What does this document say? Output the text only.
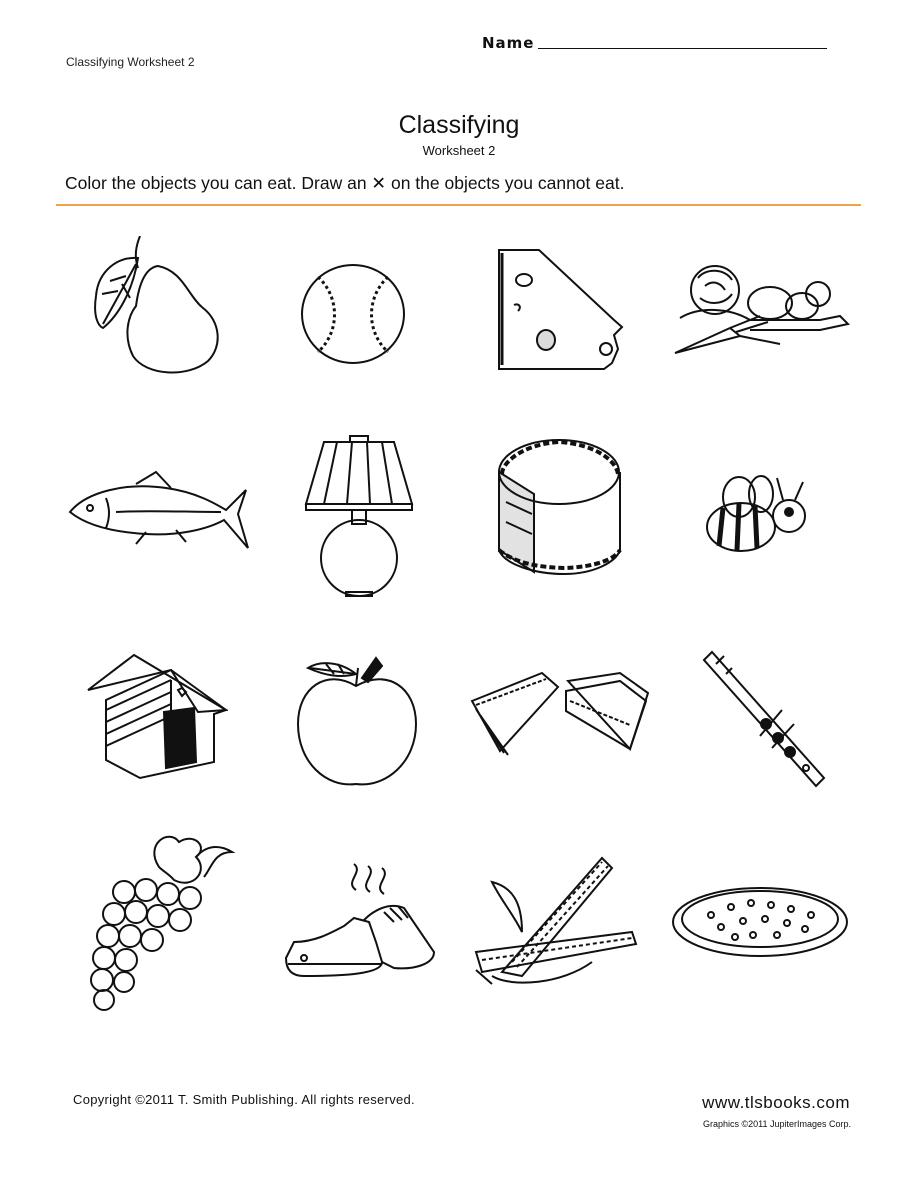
Name
Classifying Worksheet 2
Classifying
Worksheet 2
Color the objects you can eat. Draw an ✕ on the objects you cannot eat.
Copyright ©2011 T. Smith Publishing. All rights reserved.	www.tlsbooks.com
Graphics ©2011 JupiterImages Corp.
